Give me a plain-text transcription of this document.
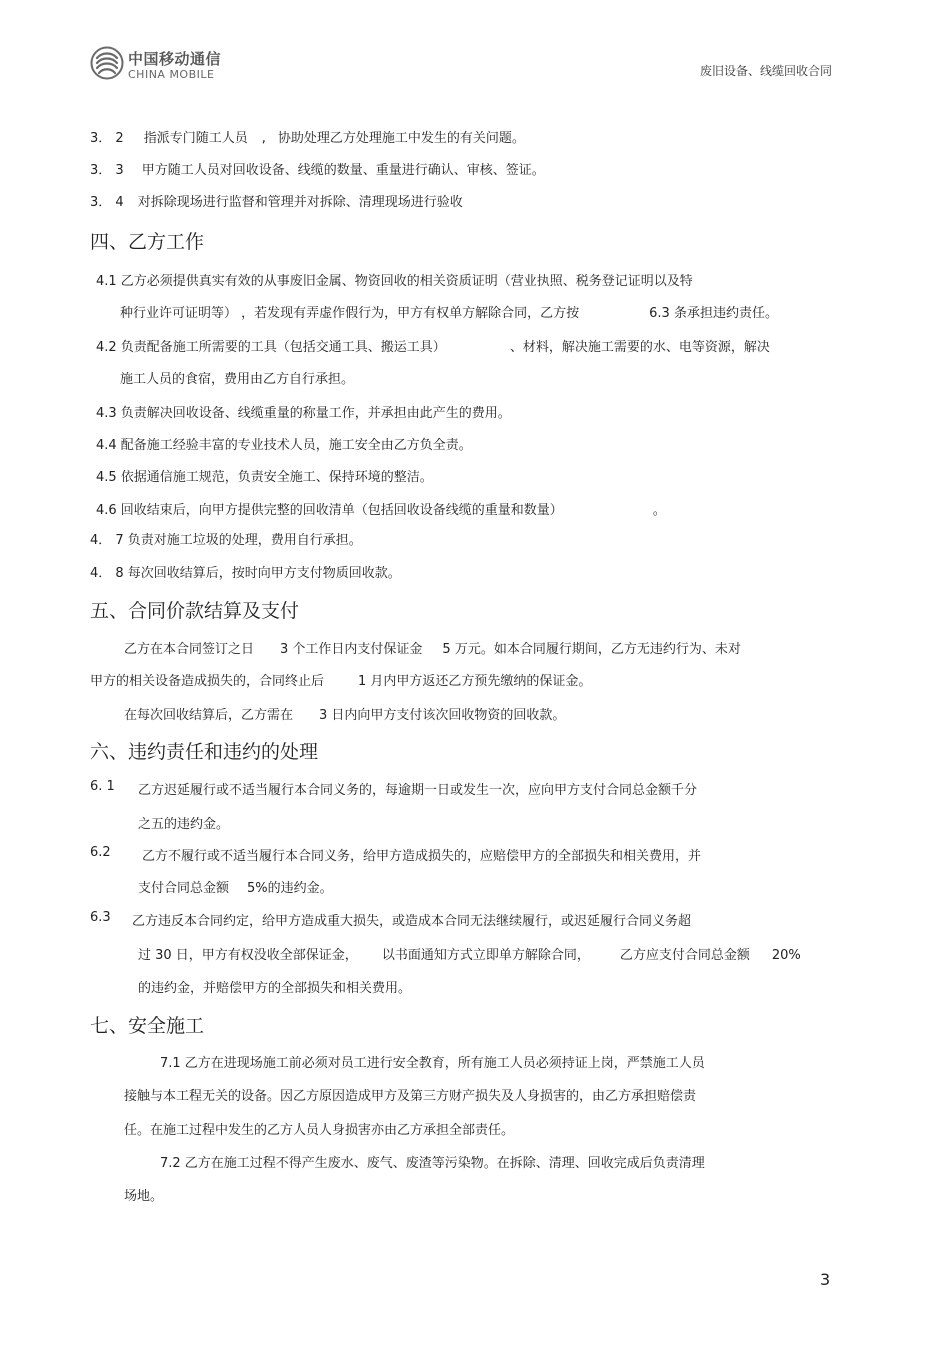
中国移动通信
CHINA MOBILE	废旧设备、线缆回收合同
3． 2 指派专门随工人员 , 协助处理乙方处理施工中发生的有关问题。
3． 3 甲方随工人员对回收设备、线缆的数量、重量进行确认、审核、签证。
3． 4 对拆除现场进行监督和管理并对拆除、清理现场进行验收
四、乙方工作
4.1 乙方必须提供真实有效的从事废旧金属、物资回收的相关资质证明（营业执照、税务登记证明以及特
种行业许可证明等） ，若发现有弄虚作假行为，甲方有权单方解除合同，乙方按	6.3 条承担违约责任。
4.2 负责配备施工所需要的工具（包括交通工具、搬运工具）	、材料，解决施工需要的水、电等资源，解决
施工人员的食宿，费用由乙方自行承担。
4.3 负责解决回收设备、线缆重量的称量工作，并承担由此产生的费用。
4.4 配备施工经验丰富的专业技术人员，施工安全由乙方负全责。
4.5 依据通信施工规范，负责安全施工、保持环境的整洁。
4.6 回收结束后，向甲方提供完整的回收清单（包括回收设备线缆的重量和数量）	。
4． 7 负责对施工垃圾的处理，费用自行承担。
4． 8 每次回收结算后，按时向甲方支付物质回收款。
五、合同价款结算及支付
乙方在本合同签订之日 3 个工作日内支付保证金 5 万元。如本合同履行期间，乙方无违约行为、未对
甲方的相关设备造成损失的，合同终止后	1 月内甲方返还乙方预先缴纳的保证金。
在每次回收结算后，乙方需在 3 日内向甲方支付该次回收物资的回收款。
六、违约责任和违约的处理
6. 1 乙方迟延履行或不适当履行本合同义务的，每逾期一日或发生一次，应向甲方支付合同总金额千分
之五的违约金。
6.2 乙方不履行或不适当履行本合同义务，给甲方造成损失的，应赔偿甲方的全部损失和相关费用，并
支付合同总金额 5%的违约金。
6.3 乙方违反本合同约定，给甲方造成重大损失，或造成本合同无法继续履行，或迟延履行合同义务超
过 30 日，甲方有权没收全部保证金， 以书面通知方式立即单方解除合同， 乙方应支付合同总金额 20%
的违约金，并赔偿甲方的全部损失和相关费用。
七、安全施工
7.1 乙方在进现场施工前必须对员工进行安全教育，所有施工人员必须持证上岗，严禁施工人员
接触与本工程无关的设备。因乙方原因造成甲方及第三方财产损失及人身损害的，由乙方承担赔偿责
任。在施工过程中发生的乙方人员人身损害亦由乙方承担全部责任。
7.2 乙方在施工过程不得产生废水、废气、废渣等污染物。在拆除、清理、回收完成后负责清理
场地。
3
